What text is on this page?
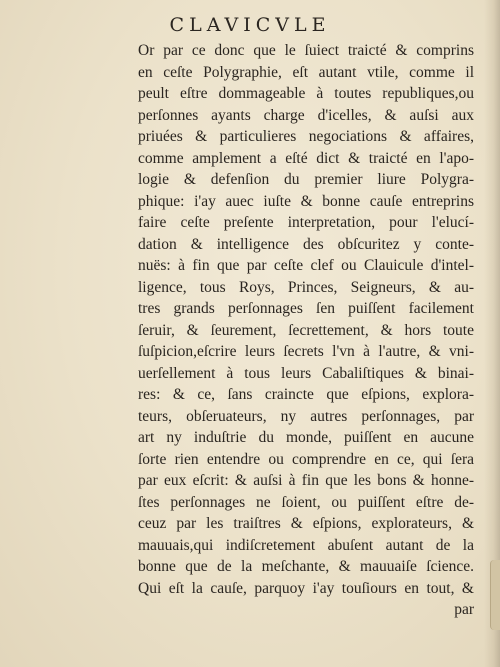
CLAVICVLE
Or par ce donc que le ſuiect traicté & comprins
en ceſte Polygraphie, eſt autant vtile, comme il
peult eſtre dommageable à toutes republiques,ou
perſonnes ayants charge d'icelles, & auſsi aux
priuées & particulieres negociations & affaires,
comme amplement a eſté dict & traicté en l'apo-
logie & defenſion du premier liure Polygra-
phique: i'ay auec iuſte & bonne cauſe entreprins
faire ceſte preſente interpretation, pour l'elucí-
dation & intelligence des obſcuritez y conte-
nuës: à fin que par ceſte clef ou Clauicule d'intel-
ligence, tous Roys, Princes, Seigneurs, & au-
tres grands perſonnages ſen puiſſent facilement
ſeruir, & ſeurement, ſecrettement, & hors toute
ſuſpicion,eſcrire leurs ſecrets l'vn à l'autre, & vni-
uerſellement à tous leurs Cabaliſtiques & binai-
res: & ce, ſans craincte que eſpions, explora-
teurs, obſeruateurs, ny autres perſonnages, par
art ny induſtrie du monde, puiſſent en aucune
ſorte rien entendre ou comprendre en ce, qui ſera
par eux eſcrit: & auſsi à fin que les bons & honne-
ſtes perſonnages ne ſoient, ou puiſſent eſtre de-
ceuz par les traiſtres & eſpions, explorateurs, &
mauuais,qui indiſcretement abuſent autant de la
bonne que de la meſchante, & mauuaiſe ſcience.
Qui eſt la cauſe, parquoy i'ay touſiours en tout, &
par
